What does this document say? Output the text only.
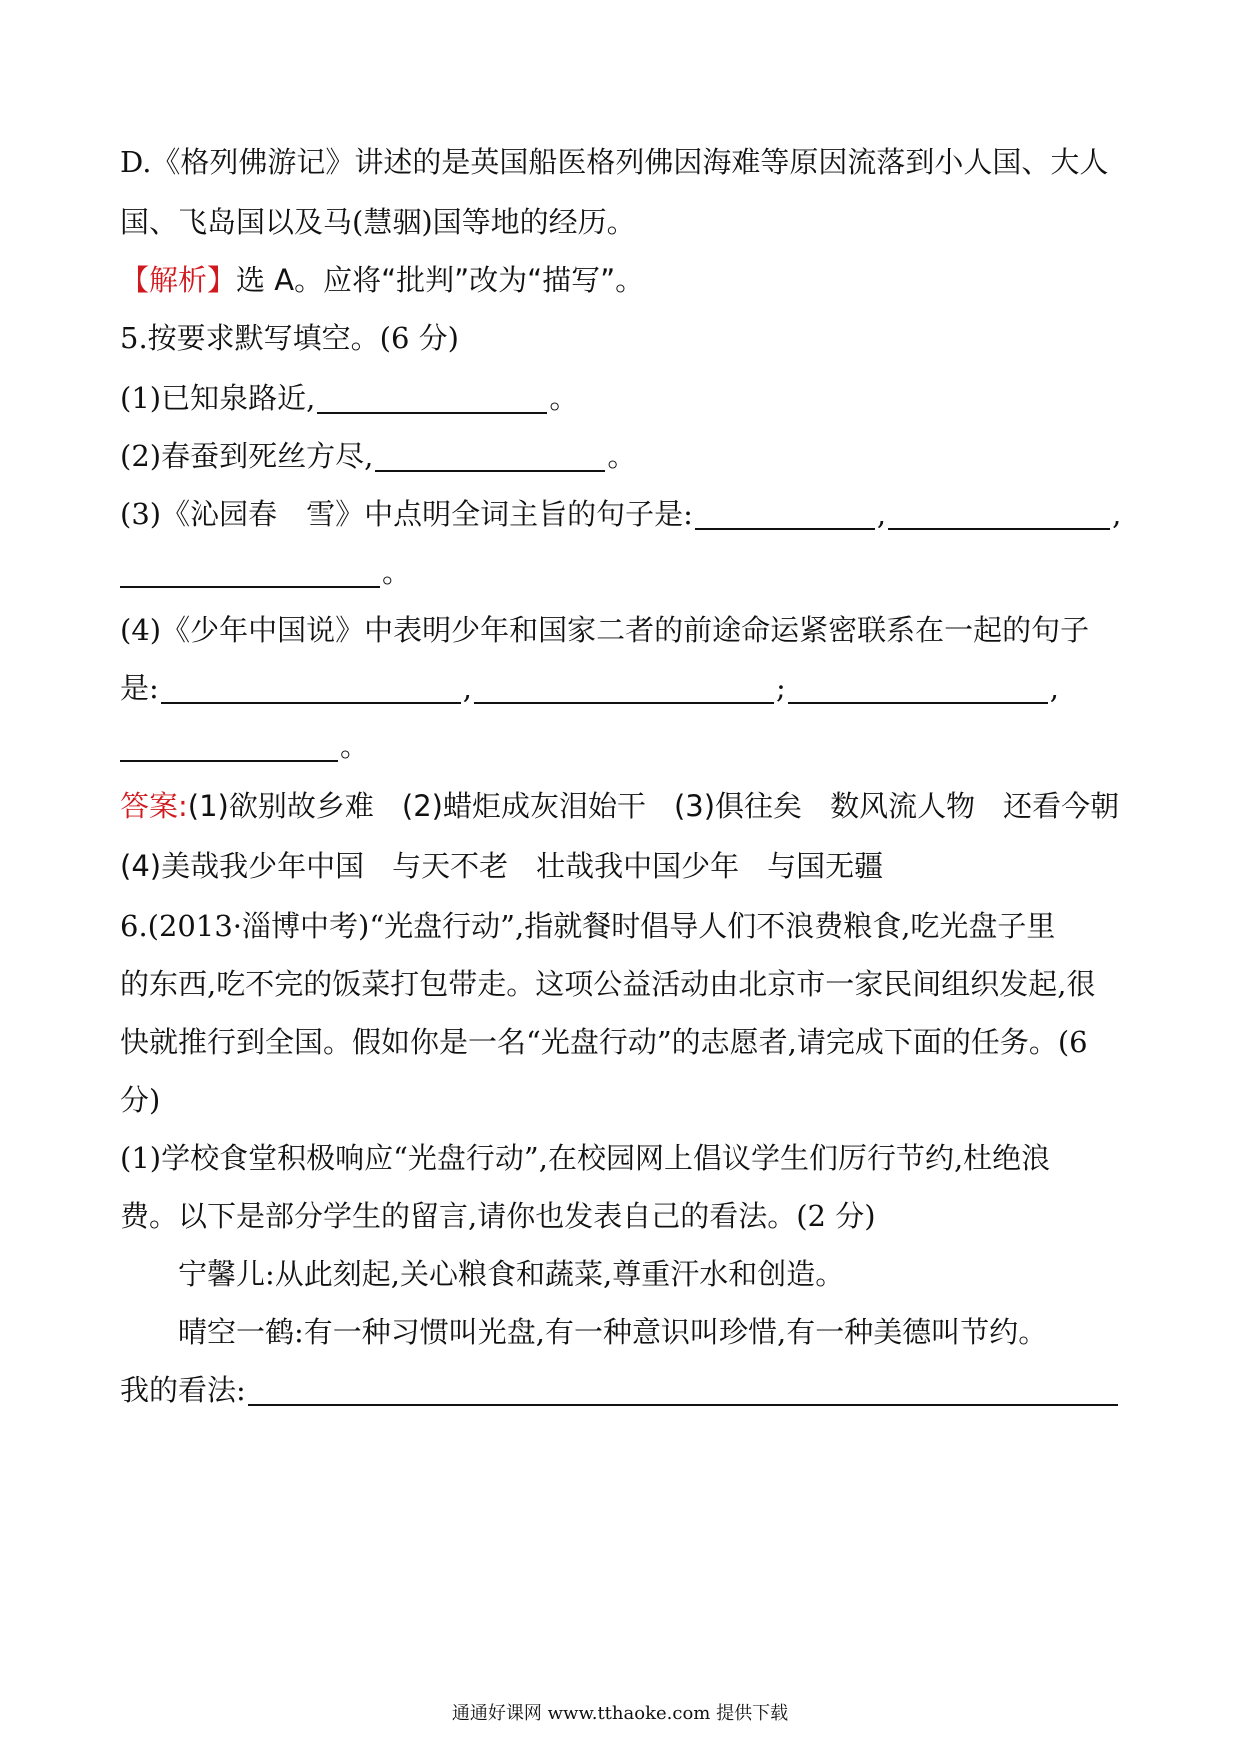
D.《格列佛游记》讲述的是英国船医格列佛因海难等原因流落到小人国、大人
国、飞岛国以及马(慧骃)国等地的经历。
【解析】选 A。应将“批判”改为“描写”。
5.按要求默写填空。(6 分)
(1)已知泉路近,	。
(2)春蚕到死丝方尽,	。
(3)《沁园春　雪》中点明全词主旨的句子是:	,	,
。
(4)《少年中国说》中表明少年和国家二者的前途命运紧密联系在一起的句子
是:	,	;	,
。
答案:(1)欲别故乡难 (2)蜡炬成灰泪始干 (3)俱往矣 数风流人物 还看今朝
(4)美哉我少年中国 与天不老 壮哉我中国少年 与国无疆
6.(2013·淄博中考)“光盘行动”,指就餐时倡导人们不浪费粮食,吃光盘子里
的东西,吃不完的饭菜打包带走。这项公益活动由北京市一家民间组织发起,很
快就推行到全国。假如你是一名“光盘行动”的志愿者,请完成下面的任务。(6
分)
(1)学校食堂积极响应“光盘行动”,在校园网上倡议学生们厉行节约,杜绝浪
费。以下是部分学生的留言,请你也发表自己的看法。(2 分)
宁馨儿:从此刻起,关心粮食和蔬菜,尊重汗水和创造。
晴空一鹤:有一种习惯叫光盘,有一种意识叫珍惜,有一种美德叫节约。
我的看法:
通通好课网 www.tthaoke.com 提供下载
